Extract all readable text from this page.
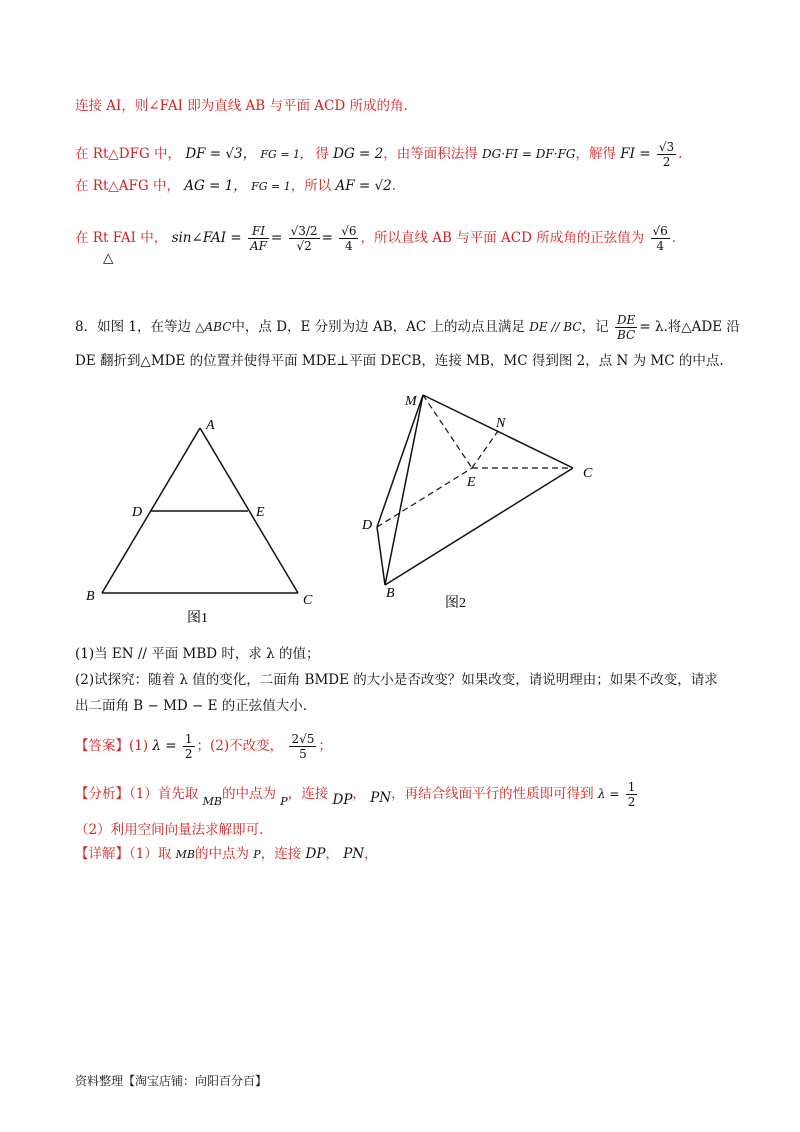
连接 AI，则∠FAI 即为直线 AB 与平面 ACD 所成的角.
在 Rt△DFG 中， DF = √3， FG = 1， 得 DG = 2，由等面积法得 DG·FI = DF·FG，解得 FI = $\frac{√3}{2}$ .
在 Rt△AFG 中， AG = 1， FG = 1，所以 AF = √2.
在 Rt
△
FAI 中， sin∠FAI = $\frac{FI}{AF} = \frac{√3/2}{√2} = \frac{√6}{4}$ ，所以直线 AB 与平面 ACD 所成角的正弦值为 $\frac{√6}{4}$ .
8．如图 1，在等边 △ABC中，点 D，E 分别为边 AB，AC 上的动点且满足 DE // BC，记 $\frac{DE}{BC} = \lambda$.将△ADE 沿
DE 翻折到△MDE 的位置并使得平面 MDE⊥平面 DECB，连接 MB，MC 得到图 2，点 N 为 MC 的中点.
A
D	E
B	C
图1
M
N
E
C
D
B
图2
(1)当 EN // 平面 MBD 时，求 λ 的值；
(2)试探究：随着 λ 值的变化，二面角 BMDE 的大小是否改变？如果改变，请说明理由；如果不改变，请求
出二面角 B − MD − E 的正弦值大小.
【答案】(1) $\lambda = \frac{1}{2}$ ；(2)不改变， $\frac{2√5}{5}$ ；
【分析】（1）首先取 $_{MB}$的中点为 $_P$，连接 DP， PN，再结合线面平行的性质即可得到 $\lambda = \frac{1}{2}$
（2）利用空间向量法求解即可.
【详解】（1）取 MB的中点为 P，连接 DP， PN，
资料整理【淘宝店铺：向阳百分百】
